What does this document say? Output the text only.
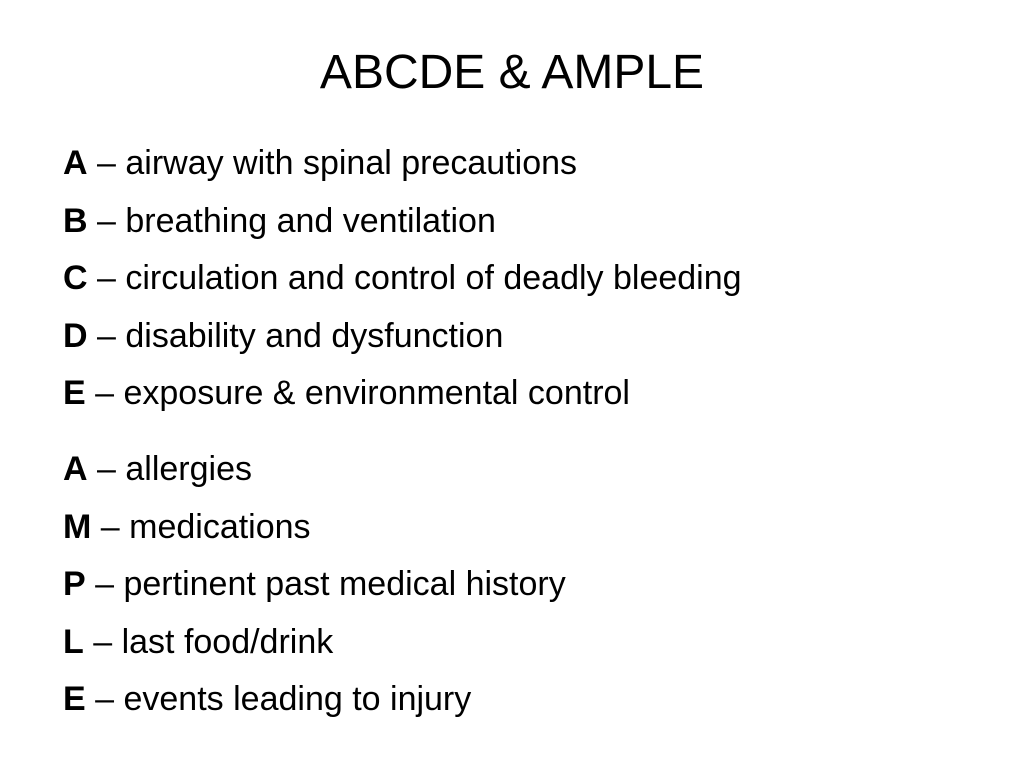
ABCDE & AMPLE
A – airway with spinal precautions
B – breathing and ventilation
C – circulation and control of deadly bleeding
D – disability and dysfunction
E – exposure & environmental control
A – allergies
M – medications
P – pertinent past medical history
L – last food/drink
E – events leading to injury
